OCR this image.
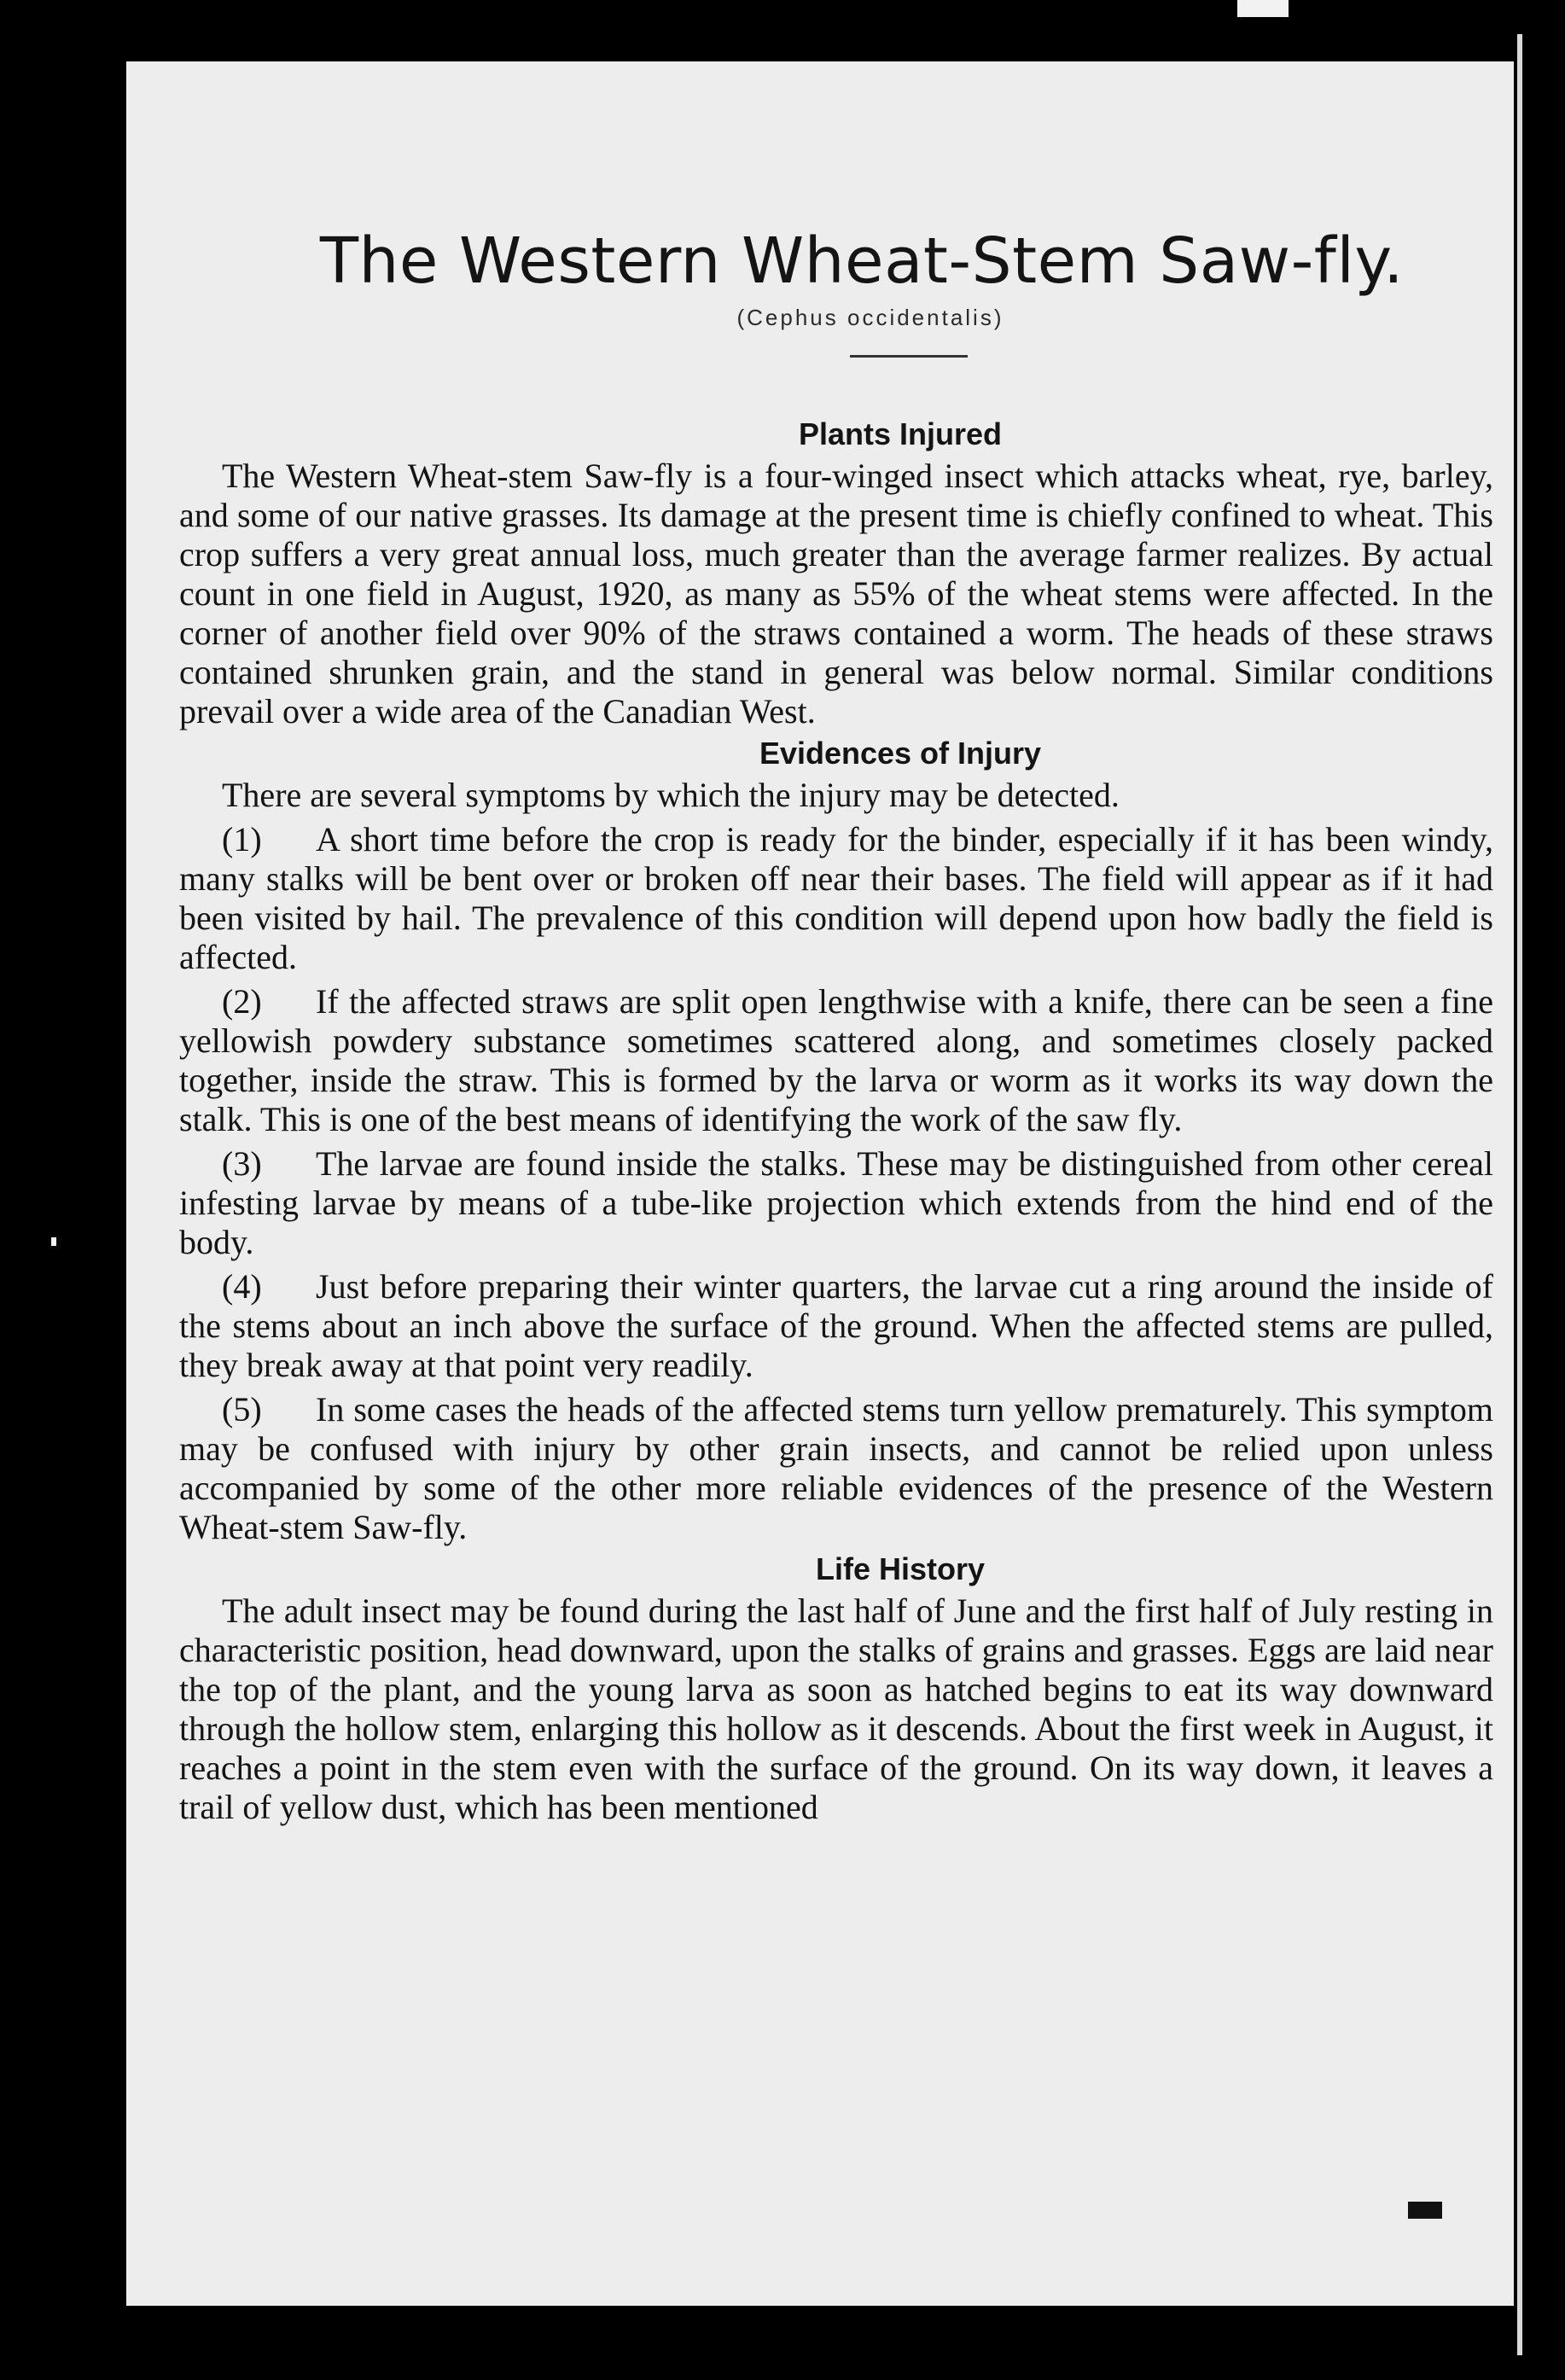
The Western Wheat-Stem Saw-fly.
(Cephus occidentalis)
Plants Injured

The Western Wheat-stem Saw-fly is a four-winged insect which attacks wheat, rye, barley, and some of our native grasses. Its damage at the present time is chiefly confined to wheat. This crop suffers a very great annual loss, much greater than the average farmer realizes. By actual count in one field in August, 1920, as many as 55% of the wheat stems were affected. In the corner of another field over 90% of the straws contained a worm. The heads of these straws contained shrunken grain, and the stand in general was below normal. Similar conditions prevail over a wide area of the Canadian West.

Evidences of Injury

There are several symptoms by which the injury may be detected.

(1) A short time before the crop is ready for the binder, especially if it has been windy, many stalks will be bent over or broken off near their bases. The field will appear as if it had been visited by hail. The prevalence of this condition will depend upon how badly the field is affected.

(2) If the affected straws are split open lengthwise with a knife, there can be seen a fine yellowish powdery substance sometimes scattered along, and sometimes closely packed together, inside the straw. This is formed by the larva or worm as it works its way down the stalk. This is one of the best means of identifying the work of the saw fly.

(3) The larvae are found inside the stalks. These may be distinguished from other cereal infesting larvae by means of a tube-like projection which extends from the hind end of the body.

(4) Just before preparing their winter quarters, the larvae cut a ring around the inside of the stems about an inch above the surface of the ground. When the affected stems are pulled, they break away at that point very readily.

(5) In some cases the heads of the affected stems turn yellow prematurely. This symptom may be confused with injury by other grain insects, and cannot be relied upon unless accompanied by some of the other more reliable evidences of the presence of the Western Wheat-stem Saw-fly.

Life History

The adult insect may be found during the last half of June and the first half of July resting in characteristic position, head downward, upon the stalks of grains and grasses. Eggs are laid near the top of the plant, and the young larva as soon as hatched begins to eat its way downward through the hollow stem, enlarging this hollow as it descends. About the first week in August, it reaches a point in the stem even with the surface of the ground. On its way down, it leaves a trail of yellow dust, which has been mentioned
